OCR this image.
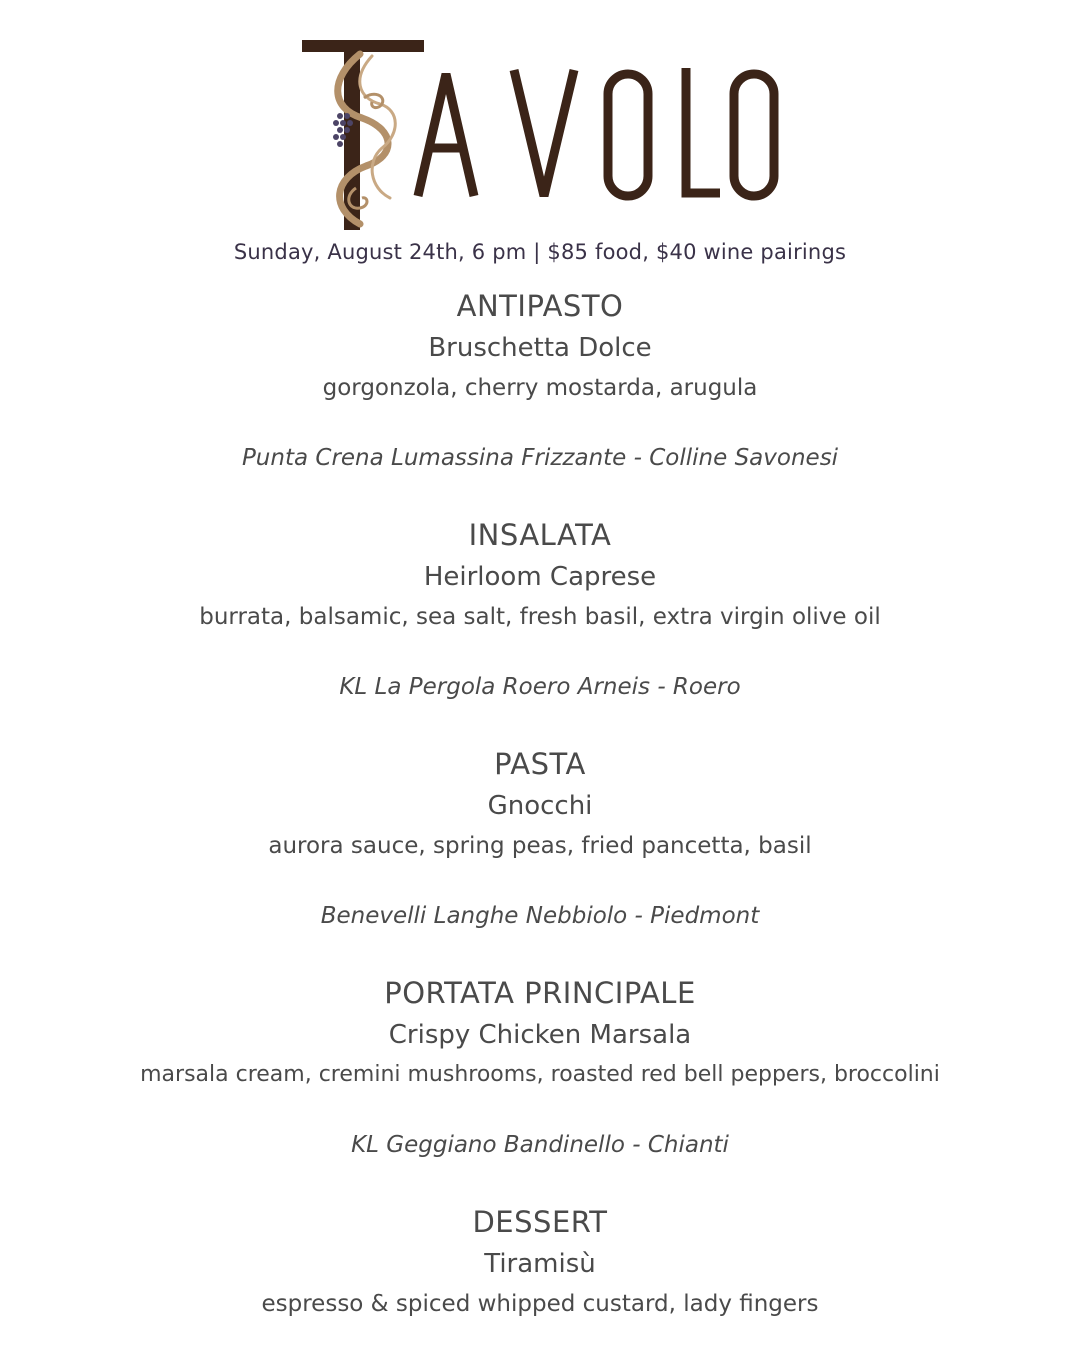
Sunday, August 24th, 6 pm | $85 food, $40 wine pairings
ANTIPASTO
Bruschetta Dolce
gorgonzola, cherry mostarda, arugula
Punta Crena Lumassina Frizzante - Colline Savonesi
INSALATA
Heirloom Caprese
burrata, balsamic, sea salt, fresh basil, extra virgin olive oil
KL La Pergola Roero Arneis - Roero
PASTA
Gnocchi
aurora sauce, spring peas, fried pancetta, basil
Benevelli Langhe Nebbiolo - Piedmont
PORTATA PRINCIPALE
Crispy Chicken Marsala
marsala cream, cremini mushrooms, roasted red bell peppers, broccolini
KL Geggiano Bandinello - Chianti
DESSERT
Tiramisù
espresso & spiced whipped custard, lady fingers
